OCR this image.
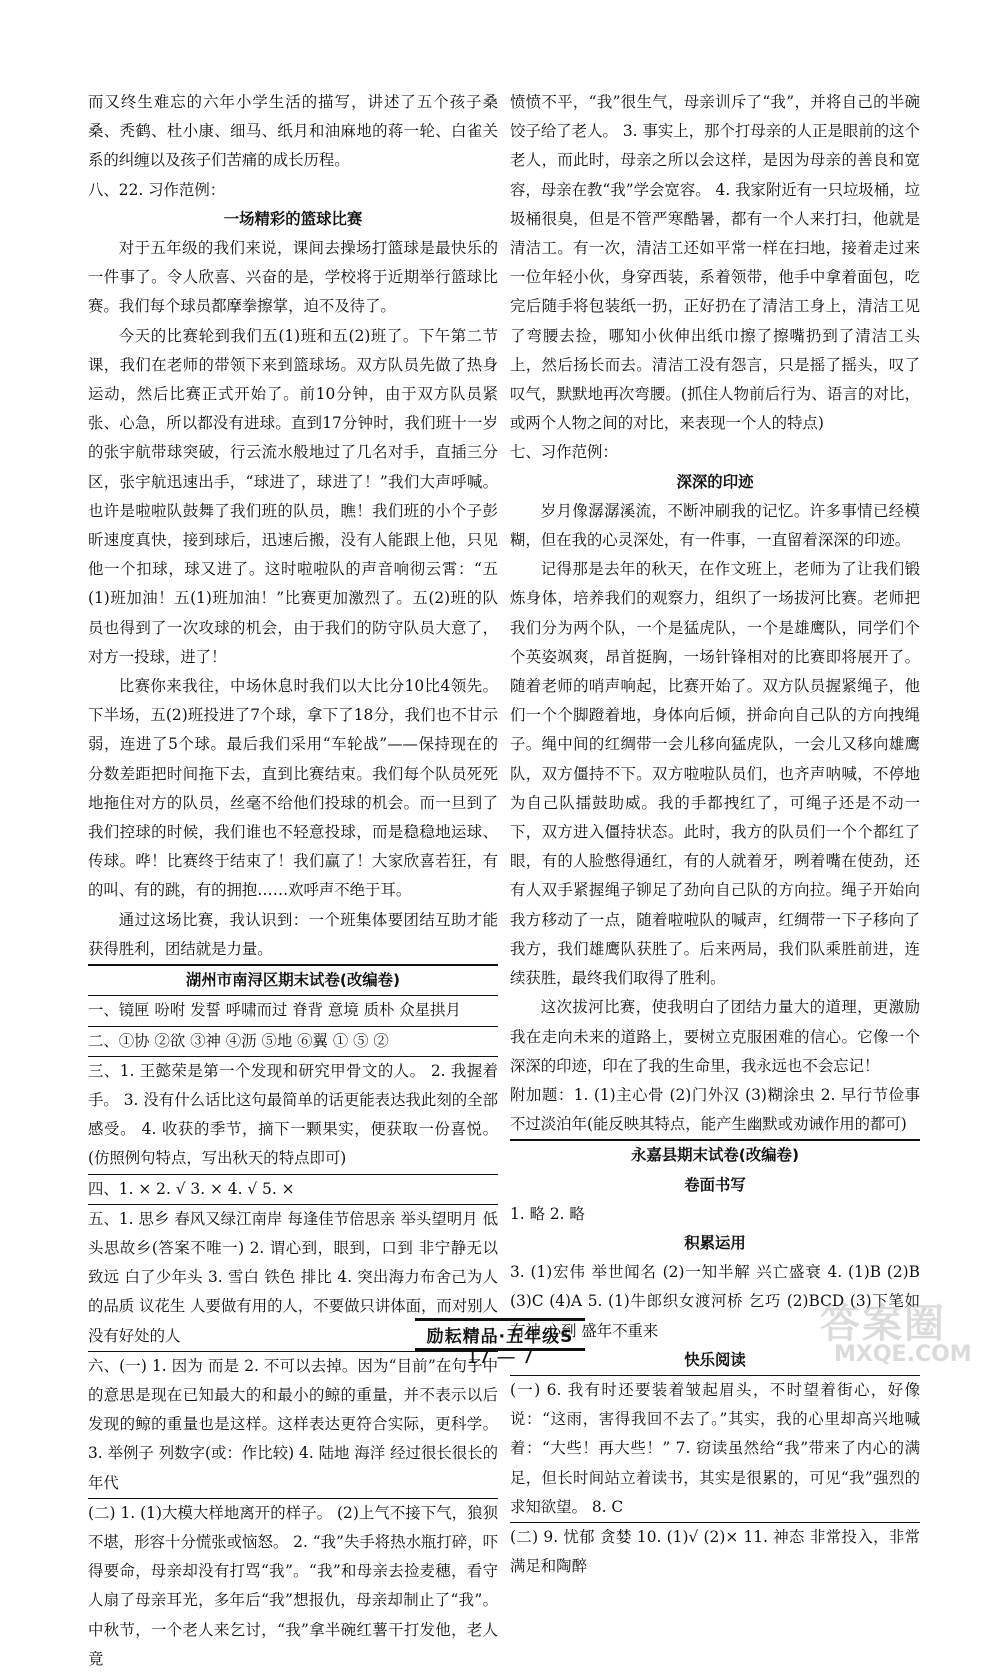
而又终生难忘的六年小学生活的描写，讲述了五个孩子桑桑、秃鹤、杜小康、细马、纸月和油麻地的蒋一轮、白雀关系的纠缠以及孩子们苦痛的成长历程。

八、22. 习作范例：

一场精彩的篮球比赛

对于五年级的我们来说，课间去操场打篮球是最快乐的一件事了。令人欣喜、兴奋的是，学校将于近期举行篮球比赛。我们每个球员都摩拳擦掌，迫不及待了。

今天的比赛轮到我们五(1)班和五(2)班了。下午第二节课，我们在老师的带领下来到篮球场。双方队员先做了热身运动，然后比赛正式开始了。前10分钟，由于双方队员紧张、心急，所以都没有进球。直到17分钟时，我们班十一岁的张宇航带球突破，行云流水般地过了几名对手，直插三分区，张宇航迅速出手，“球进了，球进了！”我们大声呼喊。也许是啦啦队鼓舞了我们班的队员，瞧！我们班的小个子彭昕速度真快，接到球后，迅速后搬，没有人能跟上他，只见他一个扣球，球又进了。这时啦啦队的声音响彻云霄：“五(1)班加油！五(1)班加油！”比赛更加激烈了。五(2)班的队员也得到了一次攻球的机会，由于我们的防守队员大意了，对方一投球，进了！

比赛你来我往，中场休息时我们以大比分10比4领先。下半场，五(2)班投进了7个球，拿下了18分，我们也不甘示弱，连进了5个球。最后我们采用“车轮战”——保持现在的分数差距把时间拖下去，直到比赛结束。我们每个队员死死地拖住对方的队员，丝毫不给他们投球的机会。而一旦到了我们控球的时候，我们谁也不轻意投球，而是稳稳地运球、传球。哗！比赛终于结束了！我们赢了！大家欣喜若狂，有的叫、有的跳，有的拥抱……欢呼声不绝于耳。

通过这场比赛，我认识到：一个班集体要团结互助才能获得胜利，团结就是力量。

湖州市南浔区期末试卷(改编卷)

一、镜匣 吩咐 发誓 呼啸而过 脊背 意境 质朴 众星拱月

二、①协 ②欲 ③神 ④沥 ⑤地 ⑥翼 ① ⑤ ②

三、1. 王懿荣是第一个发现和研究甲骨文的人。 2. 我握着手。 3. 没有什么话比这句最简单的话更能表达我此刻的全部感受。 4. 收获的季节，摘下一颗果实，便获取一份喜悦。(仿照例句特点，写出秋天的特点即可)

四、1. × 2. √ 3. × 4. √ 5. ×

五、1. 思乡 春风又绿江南岸 每逢佳节倍思亲 举头望明月 低头思故乡(答案不唯一) 2. 谓心到，眼到，口到 非宁静无以致远 白了少年头 3. 雪白 铁色 排比 4. 突出海力布舍己为人的品质 议花生 人要做有用的人，不要做只讲体面，而对别人没有好处的人

六、(一) 1. 因为 而是 2. 不可以去掉。因为“目前”在句子中的意思是现在已知最大的和最小的鲸的重量，并不表示以后发现的鲸的重量也是这样。这样表达更符合实际，更科学。 3. 举例子 列数字(或：作比较) 4. 陆地 海洋 经过很长很长的年代

(二) 1. (1)大模大样地离开的样子。 (2)上气不接下气，狼狈不堪，形容十分慌张或恼怒。 2. “我”失手将热水瓶打碎，吓得要命，母亲却没有打骂“我”。“我”和母亲去捡麦穗，看守人扇了母亲耳光，多年后“我”想报仇，母亲却制止了“我”。中秋节，一个老人来乞讨，“我”拿半碗红薯干打发他，老人竟

愤愤不平，“我”很生气，母亲训斥了“我”，并将自己的半碗饺子给了老人。 3. 事实上，那个打母亲的人正是眼前的这个老人，而此时，母亲之所以会这样，是因为母亲的善良和宽容，母亲在教“我”学会宽容。 4. 我家附近有一只垃圾桶，垃圾桶很臭，但是不管严寒酷暑，都有一个人来打扫，他就是清洁工。有一次，清洁工还如平常一样在扫地，接着走过来一位年轻小伙，身穿西装，系着领带，他手中拿着面包，吃完后随手将包装纸一扔，正好扔在了清洁工身上，清洁工见了弯腰去捡，哪知小伙伸出纸巾擦了擦嘴扔到了清洁工头上，然后扬长而去。清洁工没有怨言，只是摇了摇头，叹了叹气，默默地再次弯腰。(抓住人物前后行为、语言的对比，或两个人物之间的对比，来表现一个人的特点)

七、习作范例：

深深的印迹

岁月像潺潺溪流，不断冲刷我的记忆。许多事情已经模糊，但在我的心灵深处，有一件事，一直留着深深的印迹。

记得那是去年的秋天，在作文班上，老师为了让我们锻炼身体，培养我们的观察力，组织了一场拔河比赛。老师把我们分为两个队，一个是猛虎队，一个是雄鹰队，同学们个个英姿飒爽，昂首挺胸，一场针锋相对的比赛即将展开了。随着老师的哨声响起，比赛开始了。双方队员握紧绳子，他们一个个脚蹬着地，身体向后倾，拼命向自己队的方向拽绳子。绳中间的红绸带一会儿移向猛虎队，一会儿又移向雄鹰队，双方僵持不下。双方啦啦队员们，也齐声呐喊，不停地为自己队擂鼓助威。我的手都拽红了，可绳子还是不动一下，双方进入僵持状态。此时，我方的队员们一个个都红了眼，有的人脸憋得通红，有的人就着牙，咧着嘴在使劲，还有人双手紧握绳子铆足了劲向自己队的方向拉。绳子开始向我方移动了一点，随着啦啦队的喊声，红绸带一下子移向了我方，我们雄鹰队获胜了。后来两局，我们队乘胜前进，连续获胜，最终我们取得了胜利。

这次拔河比赛，使我明白了团结力量大的道理，更激励我在走向未来的道路上，要树立克服困难的信心。它像一个深深的印迹，印在了我的生命里，我永远也不会忘记！

附加题：1. (1)主心骨 (2)门外汉 (3)糊涂虫 2. 早行节俭事 不过淡泊年(能反映其特点，能产生幽默或劝诫作用的都可)

永嘉县期末试卷(改编卷)

卷面书写

1. 略 2. 略

积累运用

3. (1)宏伟 举世闻名 (2)一知半解 兴亡盛衰 4. (1)B (2)B (3)C (4)A 5. (1)牛郎织女渡河桥 乞巧 (2)BCD (3)下笔如有神 心到 盛年不重来

快乐阅读

(一) 6. 我有时还要装着皱起眉头，不时望着街心，好像说：“这雨，害得我回不去了。”其实，我的心里却高兴地喊着：“大些！再大些！” 7. 窃读虽然给“我”带来了内心的满足，但长时间站立着读书，其实是很累的，可见“我”强烈的求知欲望。 8. C

(二) 9. 忧郁 贪婪 10. (1)√ (2)× 11. 神态 非常投入，非常满足和陶醉

励耘精品·五年级S
17 — 7
答案圈
MXQE.COM
